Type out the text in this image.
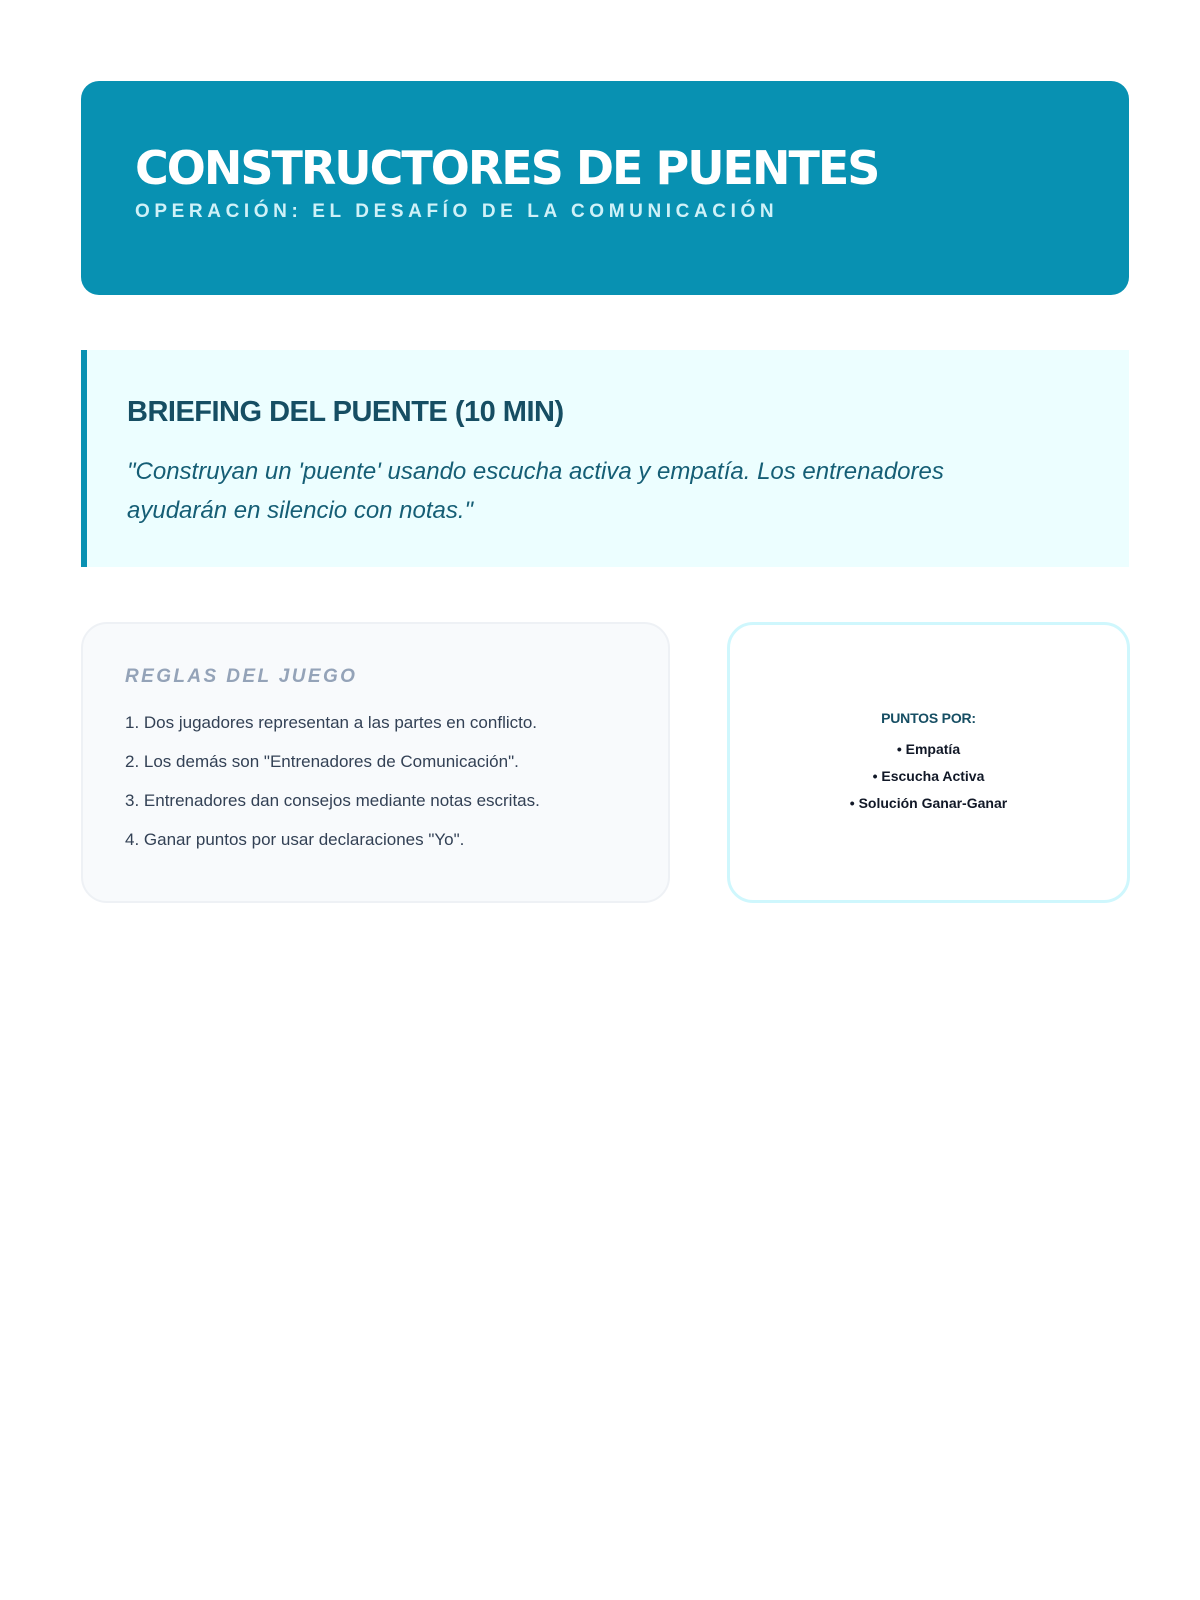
CONSTRUCTORES DE PUENTES
OPERACIÓN: EL DESAFÍO DE LA COMUNICACIÓN
BRIEFING DEL PUENTE (10 MIN)
"Construyan un 'puente' usando escucha activa y empatía. Los entrenadores ayudarán en silencio con notas."
REGLAS DEL JUEGO
1. Dos jugadores representan a las partes en conflicto.
2. Los demás son "Entrenadores de Comunicación".
3. Entrenadores dan consejos mediante notas escritas.
4. Ganar puntos por usar declaraciones "Yo".
PUNTOS POR:
• Empatía
• Escucha Activa
• Solución Ganar-Ganar
